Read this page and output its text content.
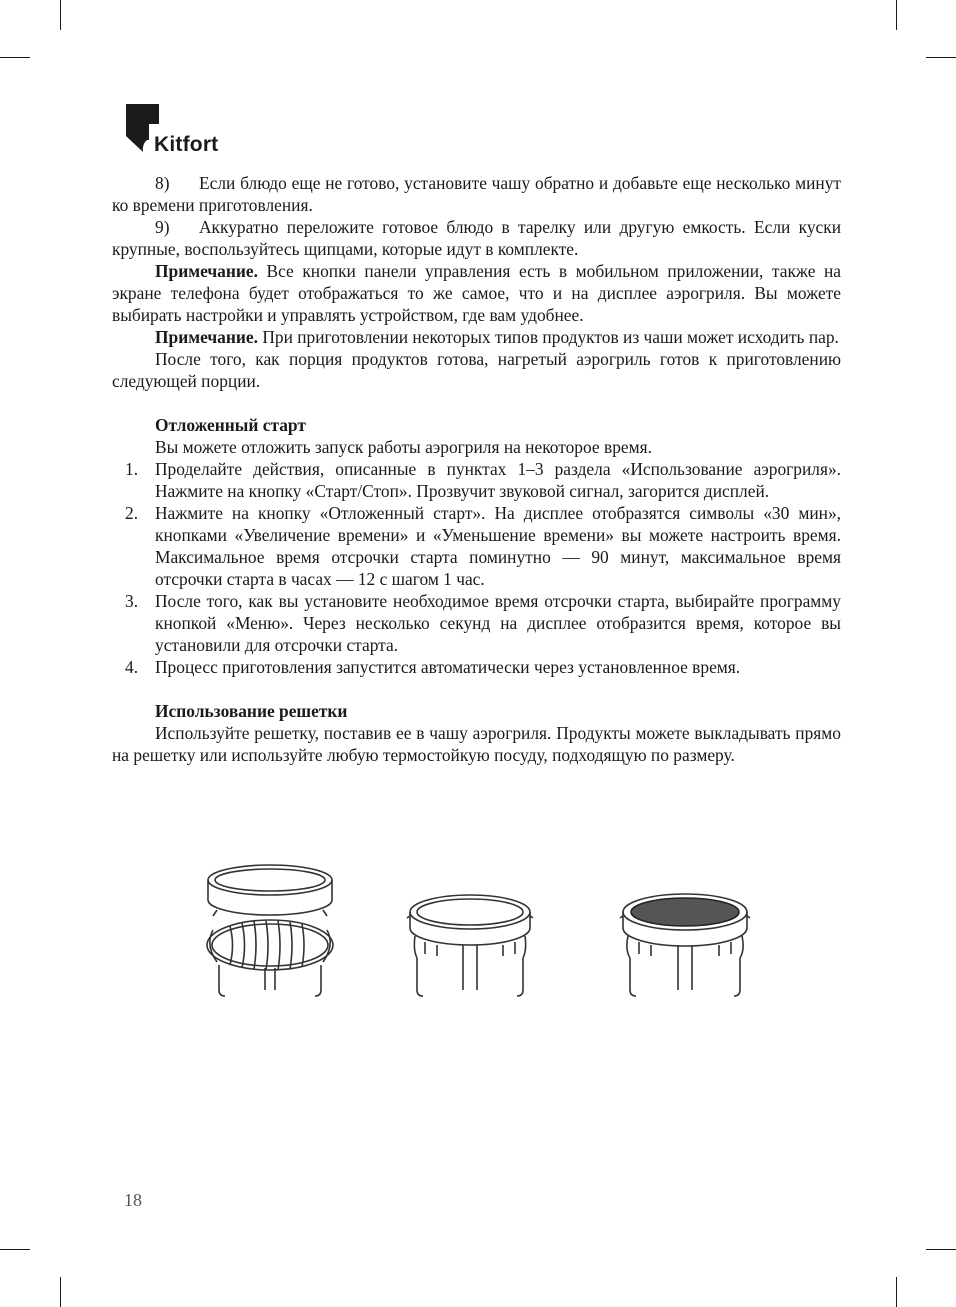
Kitfort

8) Если блюдо еще не готово, установите чашу обратно и добавьте еще несколько минут ко времени приготовления.

9) Аккуратно переложите готовое блюдо в тарелку или другую емкость. Если куски крупные, воспользуйтесь щипцами, которые идут в комплекте.

Примечание. Все кнопки панели управления есть в мобильном приложении, также на экране телефона будет отображаться то же самое, что и на дисплее аэрогриля. Вы можете выбирать настройки и управлять устройством, где вам удобнее.

Примечание. При приготовлении некоторых типов продуктов из чаши может исходить пар.

После того, как порция продуктов готова, нагретый аэрогриль готов к приготовлению следующей порции.

Отложенный старт

Вы можете отложить запуск работы аэрогриля на некоторое время.

1. Проделайте действия, описанные в пунктах 1–3 раздела «Использование аэрогриля». Нажмите на кнопку «Старт/Стоп». Прозвучит звуковой сигнал, загорится дисплей.
2. Нажмите на кнопку «Отложенный старт». На дисплее отобразятся символы «30 мин», кнопками «Увеличение времени» и «Уменьшение времени» вы можете настроить время. Максимальное время отсрочки старта поминутно — 90 минут, максимальное время отсрочки старта в часах — 12 с шагом 1 час.
3. После того, как вы установите необходимое время отсрочки старта, выбирайте программу кнопкой «Меню». Через несколько секунд на дисплее отобразится время, которое вы установили для отсрочки старта.
4. Процесс приготовления запустится автоматически через установленное время.

Использование решетки

Используйте решетку, поставив ее в чашу аэрогриля. Продукты можете выкладывать прямо на решетку или используйте любую термостойкую посуду, подходящую по размеру.

18
